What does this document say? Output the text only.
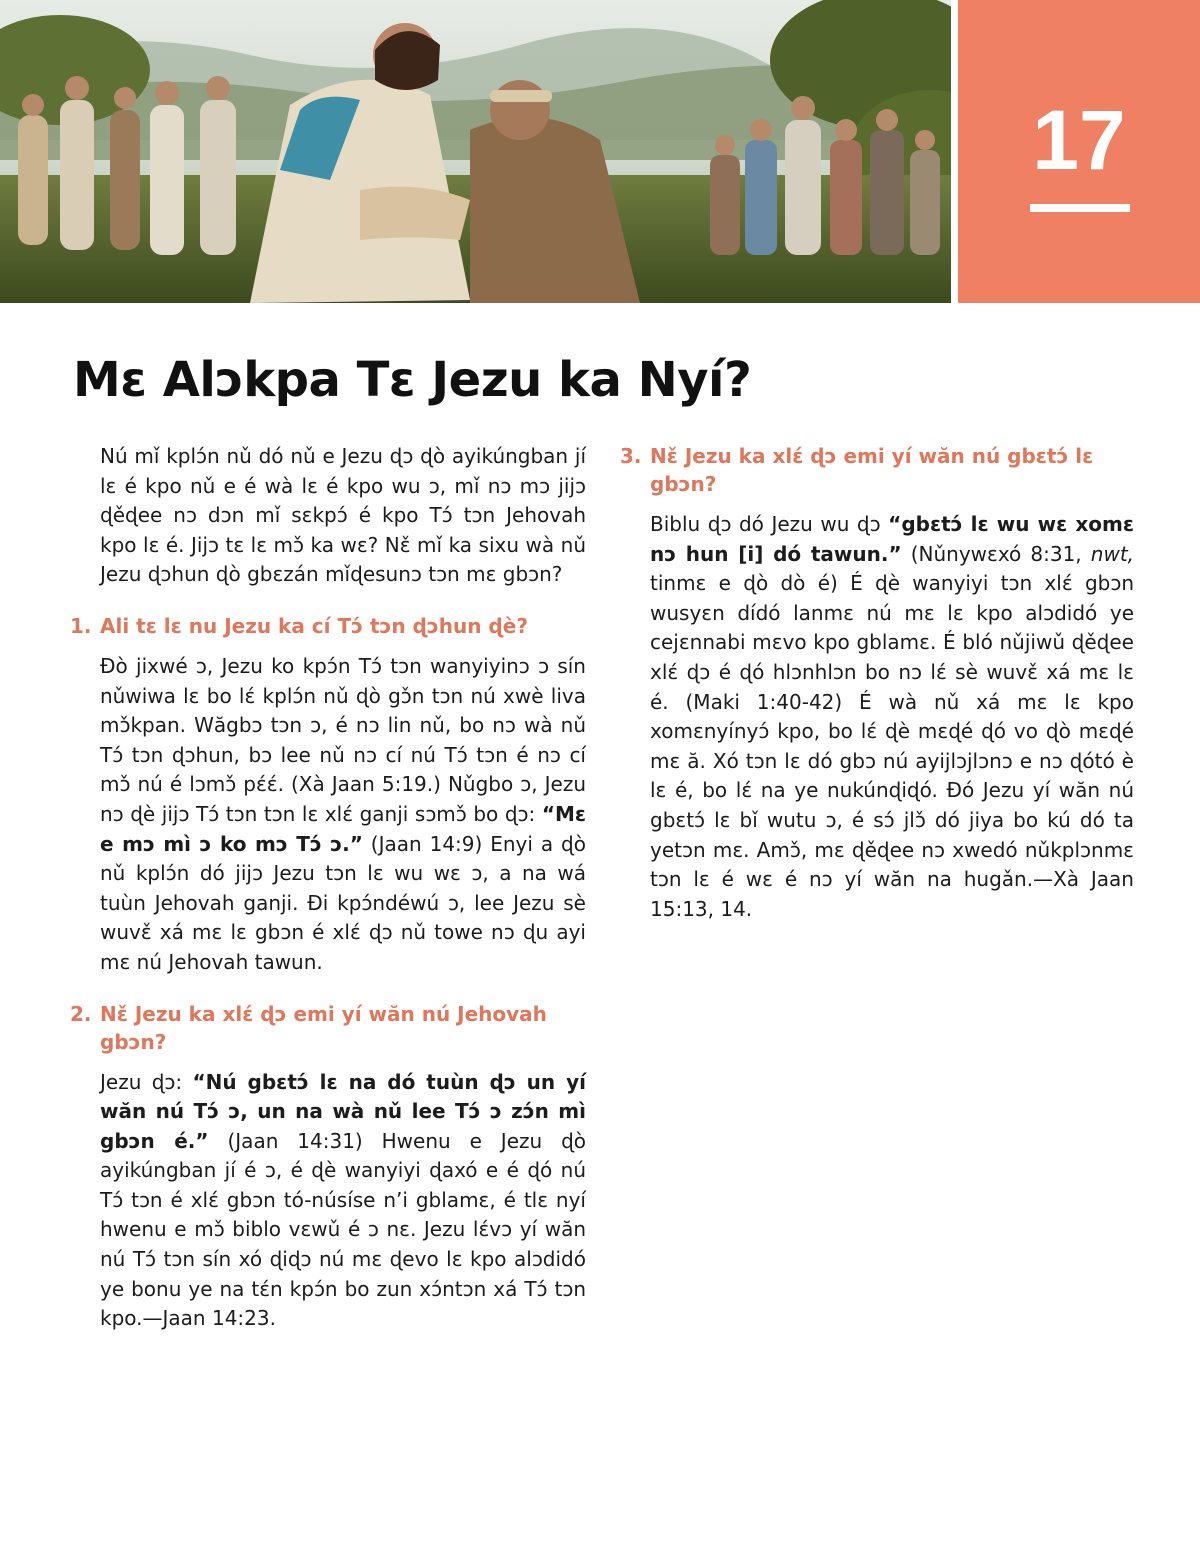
17
Mɛ Alɔkpa Tɛ Jezu ka Nyí?

Nú mǐ kplɔ́n nǔ dó nǔ e Jezu ɖɔ ɖò ayikúngban jí lɛ é kpo nǔ e é wà lɛ é kpo wu ɔ, mǐ nɔ mɔ jijɔ ɖěɖee nɔ dɔn mǐ sɛkpɔ́ é kpo Tɔ́ tɔn Jehovah kpo lɛ é. Jijɔ tɛ lɛ mɔ̌ ka wɛ? Nɛ̌ mǐ ka sixu wà nǔ Jezu ɖɔhun ɖò gbɛzán mǐɖesunɔ tɔn mɛ gbɔn?

1. Ali tɛ lɛ nu Jezu ka cí Tɔ́ tɔn ɖɔhun ɖè?

Ðò jixwé ɔ, Jezu ko kpɔ́n Tɔ́ tɔn wanyiyinɔ ɔ sín nǔwiwa lɛ bo lɛ́ kplɔ́n nǔ ɖò gɔ̌n tɔn nú xwè liva mɔ̌kpan. Wăgbɔ tɔn ɔ, é nɔ lin nǔ, bo nɔ wà nǔ Tɔ́ tɔn ɖɔhun, bɔ lee nǔ nɔ cí nú Tɔ́ tɔn é nɔ cí mɔ̌ nú é lɔmɔ̌ pɛ́ɛ́. (Xà Jaan 5:19.) Nǔgbo ɔ, Jezu nɔ ɖè jijɔ Tɔ́ tɔn tɔn lɛ xlɛ́ ganji sɔmɔ̌ bo ɖɔ: “Mɛ e mɔ mì ɔ ko mɔ Tɔ́ ɔ.” (Jaan 14:9) Enyi a ɖò nǔ kplɔ́n dó jijɔ Jezu tɔn lɛ wu wɛ ɔ, a na wá tuùn Jehovah ganji. Ði kpɔ́ndéwú ɔ, lee Jezu sè wuvɛ̌ xá mɛ lɛ gbɔn é xlɛ́ ɖɔ nǔ towe nɔ ɖu ayi mɛ nú Jehovah tawun.

2. Nɛ̌ Jezu ka xlɛ́ ɖɔ emi yí wăn nú Jehovah gbɔn?

Jezu ɖɔ: “Nú gbɛtɔ́ lɛ na dó tuùn ɖɔ un yí wăn nú Tɔ́ ɔ, un na wà nǔ lee Tɔ́ ɔ zɔ́n mì gbɔn é.” (Jaan 14:31) Hwenu e Jezu ɖò ayikúngban jí é ɔ, é ɖè wanyiyi ɖaxó e é ɖó nú Tɔ́ tɔn é xlɛ́ gbɔn tó-núsíse n’i gblamɛ, é tlɛ nyí hwenu e mɔ̌ biblo vɛwǔ é ɔ nɛ. Jezu lɛ́vɔ yí wăn nú Tɔ́ tɔn sín xó ɖiɖɔ nú mɛ ɖevo lɛ kpo alɔdidó ye bonu ye na tɛ́n kpɔ́n bo zun xɔ́ntɔn xá Tɔ́ tɔn kpo.—Jaan 14:23.

3. Nɛ̌ Jezu ka xlɛ́ ɖɔ emi yí wăn nú gbɛtɔ́ lɛ gbɔn?

Biblu ɖɔ dó Jezu wu ɖɔ “gbɛtɔ́ lɛ wu wɛ xomɛ nɔ hun [i] dó tawun.” (Nǔnywɛxó 8:31, nwt, tinmɛ e ɖò dò é) É ɖè wanyiyi tɔn xlɛ́ gbɔn wusyɛn dídó lanmɛ nú mɛ lɛ kpo alɔdidó ye cejɛnnabi mɛvo kpo gblamɛ. É bló nǔjiwǔ ɖěɖee xlɛ́ ɖɔ é ɖó hlɔnhlɔn bo nɔ lɛ́ sè wuvɛ̌ xá mɛ lɛ é. (Maki 1:40-42) É wà nǔ xá mɛ lɛ kpo xomɛnyínyɔ́ kpo, bo lɛ́ ɖè mɛɖé ɖó vo ɖò mɛɖé mɛ ă. Xó tɔn lɛ dó gbɔ nú ayijlɔjlɔnɔ e nɔ ɖótó è lɛ é, bo lɛ́ na ye nukúnɖiɖó. Ðó Jezu yí wăn nú gbɛtɔ́ lɛ bǐ wutu ɔ, é sɔ́ jlɔ̌ dó jiya bo kú dó ta yetɔn mɛ. Amɔ̌, mɛ ɖěɖee nɔ xwedó nǔkplɔnmɛ tɔn lɛ é wɛ é nɔ yí wăn na hugǎn.—Xà Jaan 15:13, 14.
